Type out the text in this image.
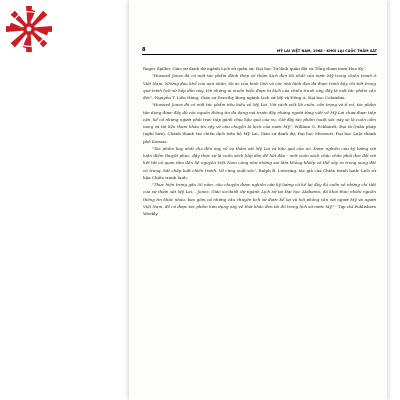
8	MỸ LAI VIỆT NAM, 1968 - KHƠI LẠI CUỘC THẢM SÁT

Roger Spiller, Giáo sư danh dự ngành Lịch sử quân sự, Đại học Tư lệnh quân đội và Tổng tham mưu Hoa Kỳ.

"Howard Jones đã có một tác phẩm đánh thép về thảm kịch đen tối nhất của nước Mỹ trong chiến tranh ở Việt Nam. Những đau khổ của nạn nhân, tội ác của binh lính và các nhà lãnh đạo đã được trình bày chi tiết trong quá trình lịch sử hấp dẫn này. Với những ai muốn hiểu được bi kịch của chiến tranh này, đây là một tác phẩm cần đọc", Nguyễn T. Liên Hằng, Giáo sư Dorothy Borg ngành Lịch sử Mỹ và Đông Á, Đại học Columbia.

"Howard Jones đã có một tác phẩm tiêu biểu về Mỹ Lai. Với cách viết lôi cuốn, cẩn trọng và tỉ mỉ, tác phẩm tận dụng được đầy đủ các nguồn thông tin đa dạng mà trước đây những người từng viết về Mỹ Lai chưa được tiếp cận, kể cả những người phải trực tiếp gánh chịu hậu quả của vụ. Giờ đây tác phẩm (xuất sắc này sẽ là cuốn cẩm nang và tài liệu tham khảo tin cậy về câu chuyện bi kịch của nước Mỹ", William G. Eckhardt, Đại tá Quân pháp (nghỉ hưu), Chánh thanh tra chiến dịch trên bộ Mỹ Lai, Giáo sư danh dự, Đại học Missouri, Đại học Luật thành phố Kansas.

"Tác phẩm hay nhất cho đến nay về vụ thảm sát Mỹ Lai và hậu quả của nó. Được nghiên cứu kỹ lưỡng với luận điểm thuyết phục, đây thực sự là cuốn sách hấp dẫn để hết đầu - một cuốn sách chắc chắn phải đọc đối với hết tất cả quan tâm đến hệ nguyên Việt Nam cũng như những sai lầm khủng khiếp có thể xảy ra trong xung đột vũ trang, bất chấp luật chiến tranh. Vô cùng xuất sắc", Ralph B. Levering, tác giả của Chiến tranh lạnh: Lịch sử hậu Chiến tranh lạnh.

"Thực hiện trong gần 30 năm, câu chuyện được nghiên cứu kỹ lưỡng có kể lại đầy đủ cuốn về những chi tiết của sự thảm sát Mỹ Lai... Jones, Giáo sư danh dự ngành Lịch sử tại Đại học Alabama, đã khai thác nhiều nguồn thông tin khác nhau, bao gồm cả những câu chuyện lịch sử được kể lại và hồi phỏng vấn với người Mỹ và người Việt Nam, để có được tác phẩm hữu dụng này về thời khắc đen tối đó trong lịch sử nước Mỹ" - Tạp chí Publishers Weekly.
